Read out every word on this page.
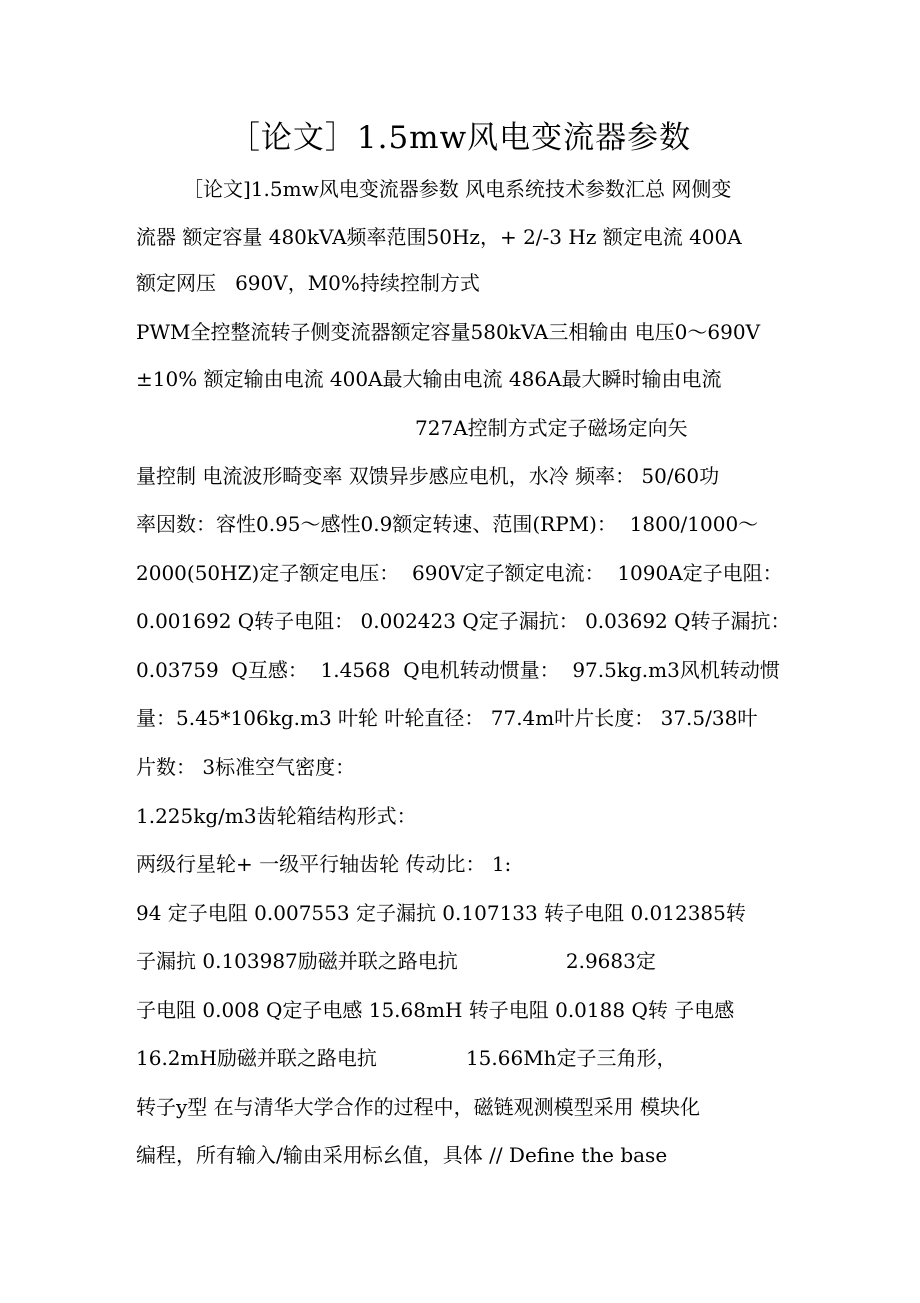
［论文］1.5mw风电变流器参数
［论文]1.5mw风电变流器参数 风电系统技术参数汇总 网侧变
流器 额定容量 480kVA频率范围50Hz，+ 2/-3 Hz 额定电流 400A
额定网压   690V，M0%持续控制方式
PWM全控整流转子侧变流器额定容量580kVA三相输由 电压0～690V
±10% 额定输由电流 400A最大输由电流 486A最大瞬时输由电流
727A控制方式定子磁场定向矢
量控制 电流波形畸变率 双馈异步感应电机，水冷 频率： 50/60功
率因数：容性0.95～感性0.9额定转速、范围(RPM)：  1800/1000～
2000(50HZ)定子额定电压：  690V定子额定电流：  1090A定子电阻：
0.001692 Q转子电阻： 0.002423 Q定子漏抗： 0.03692 Q转子漏抗：
0.03759  Q互感：  1.4568  Q电机转动惯量：  97.5kg.m3风机转动惯
量：5.45*106kg.m3 叶轮 叶轮直径： 77.4m叶片长度： 37.5/38叶
片数： 3标准空气密度：
1.225kg/m3齿轮箱结构形式：
两级行星轮+ 一级平行轴齿轮 传动比： 1:
94 定子电阻 0.007553 定子漏抗 0.107133 转子电阻 0.012385转
子漏抗 0.103987励磁并联之路电抗                 2.9683定
子电阻 0.008 Q定子电感 15.68mH 转子电阻 0.0188 Q转 子电感
16.2mH励磁并联之路电抗              15.66Mh定子三角形，
转子y型 在与清华大学合作的过程中，磁链观测模型采用 模块化
编程，所有输入/输由采用标幺值，具体 // Define the base
